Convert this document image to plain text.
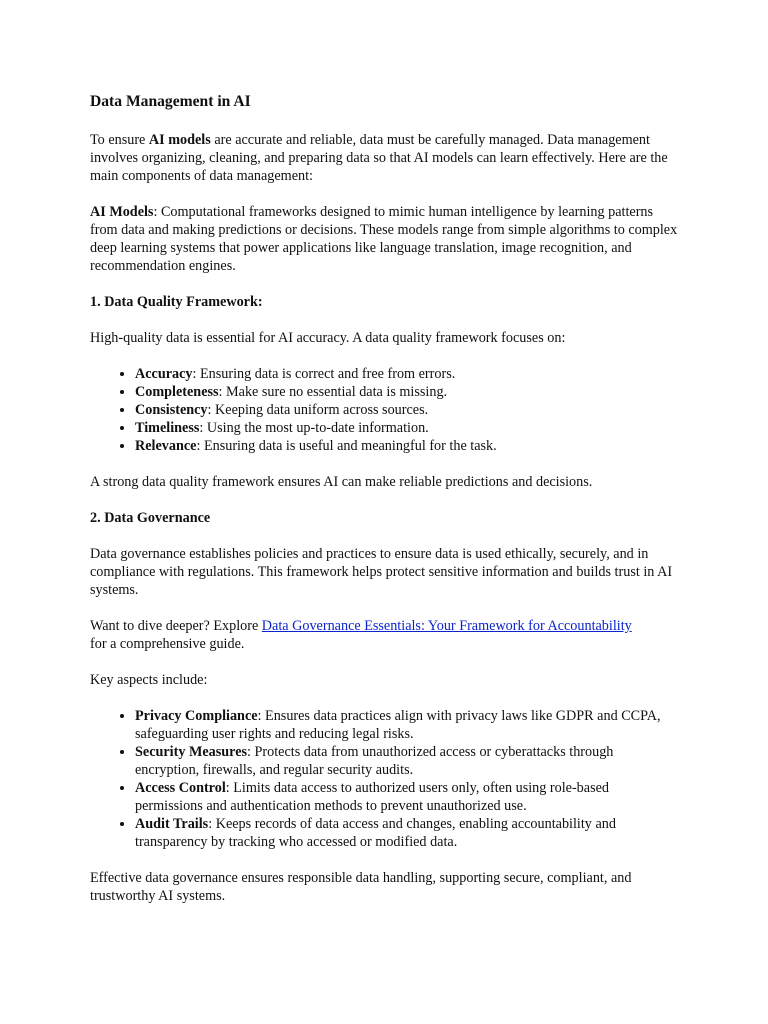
Data Management in AI

To ensure AI models are accurate and reliable, data must be carefully managed. Data management involves organizing, cleaning, and preparing data so that AI models can learn effectively. Here are the main components of data management:

AI Models: Computational frameworks designed to mimic human intelligence by learning patterns from data and making predictions or decisions. These models range from simple algorithms to complex deep learning systems that power applications like language translation, image recognition, and recommendation engines.

1. Data Quality Framework:

High-quality data is essential for AI accuracy. A data quality framework focuses on:

• Accuracy: Ensuring data is correct and free from errors.
• Completeness: Make sure no essential data is missing.
• Consistency: Keeping data uniform across sources.
• Timeliness: Using the most up-to-date information.
• Relevance: Ensuring data is useful and meaningful for the task.

A strong data quality framework ensures AI can make reliable predictions and decisions.

2. Data Governance

Data governance establishes policies and practices to ensure data is used ethically, securely, and in compliance with regulations. This framework helps protect sensitive information and builds trust in AI systems.

Want to dive deeper? Explore Data Governance Essentials: Your Framework for Accountability
for a comprehensive guide.

Key aspects include:

• Privacy Compliance: Ensures data practices align with privacy laws like GDPR and CCPA, safeguarding user rights and reducing legal risks.
• Security Measures: Protects data from unauthorized access or cyberattacks through encryption, firewalls, and regular security audits.
• Access Control: Limits data access to authorized users only, often using role-based permissions and authentication methods to prevent unauthorized use.
• Audit Trails: Keeps records of data access and changes, enabling accountability and transparency by tracking who accessed or modified data.

Effective data governance ensures responsible data handling, supporting secure, compliant, and trustworthy AI systems.
